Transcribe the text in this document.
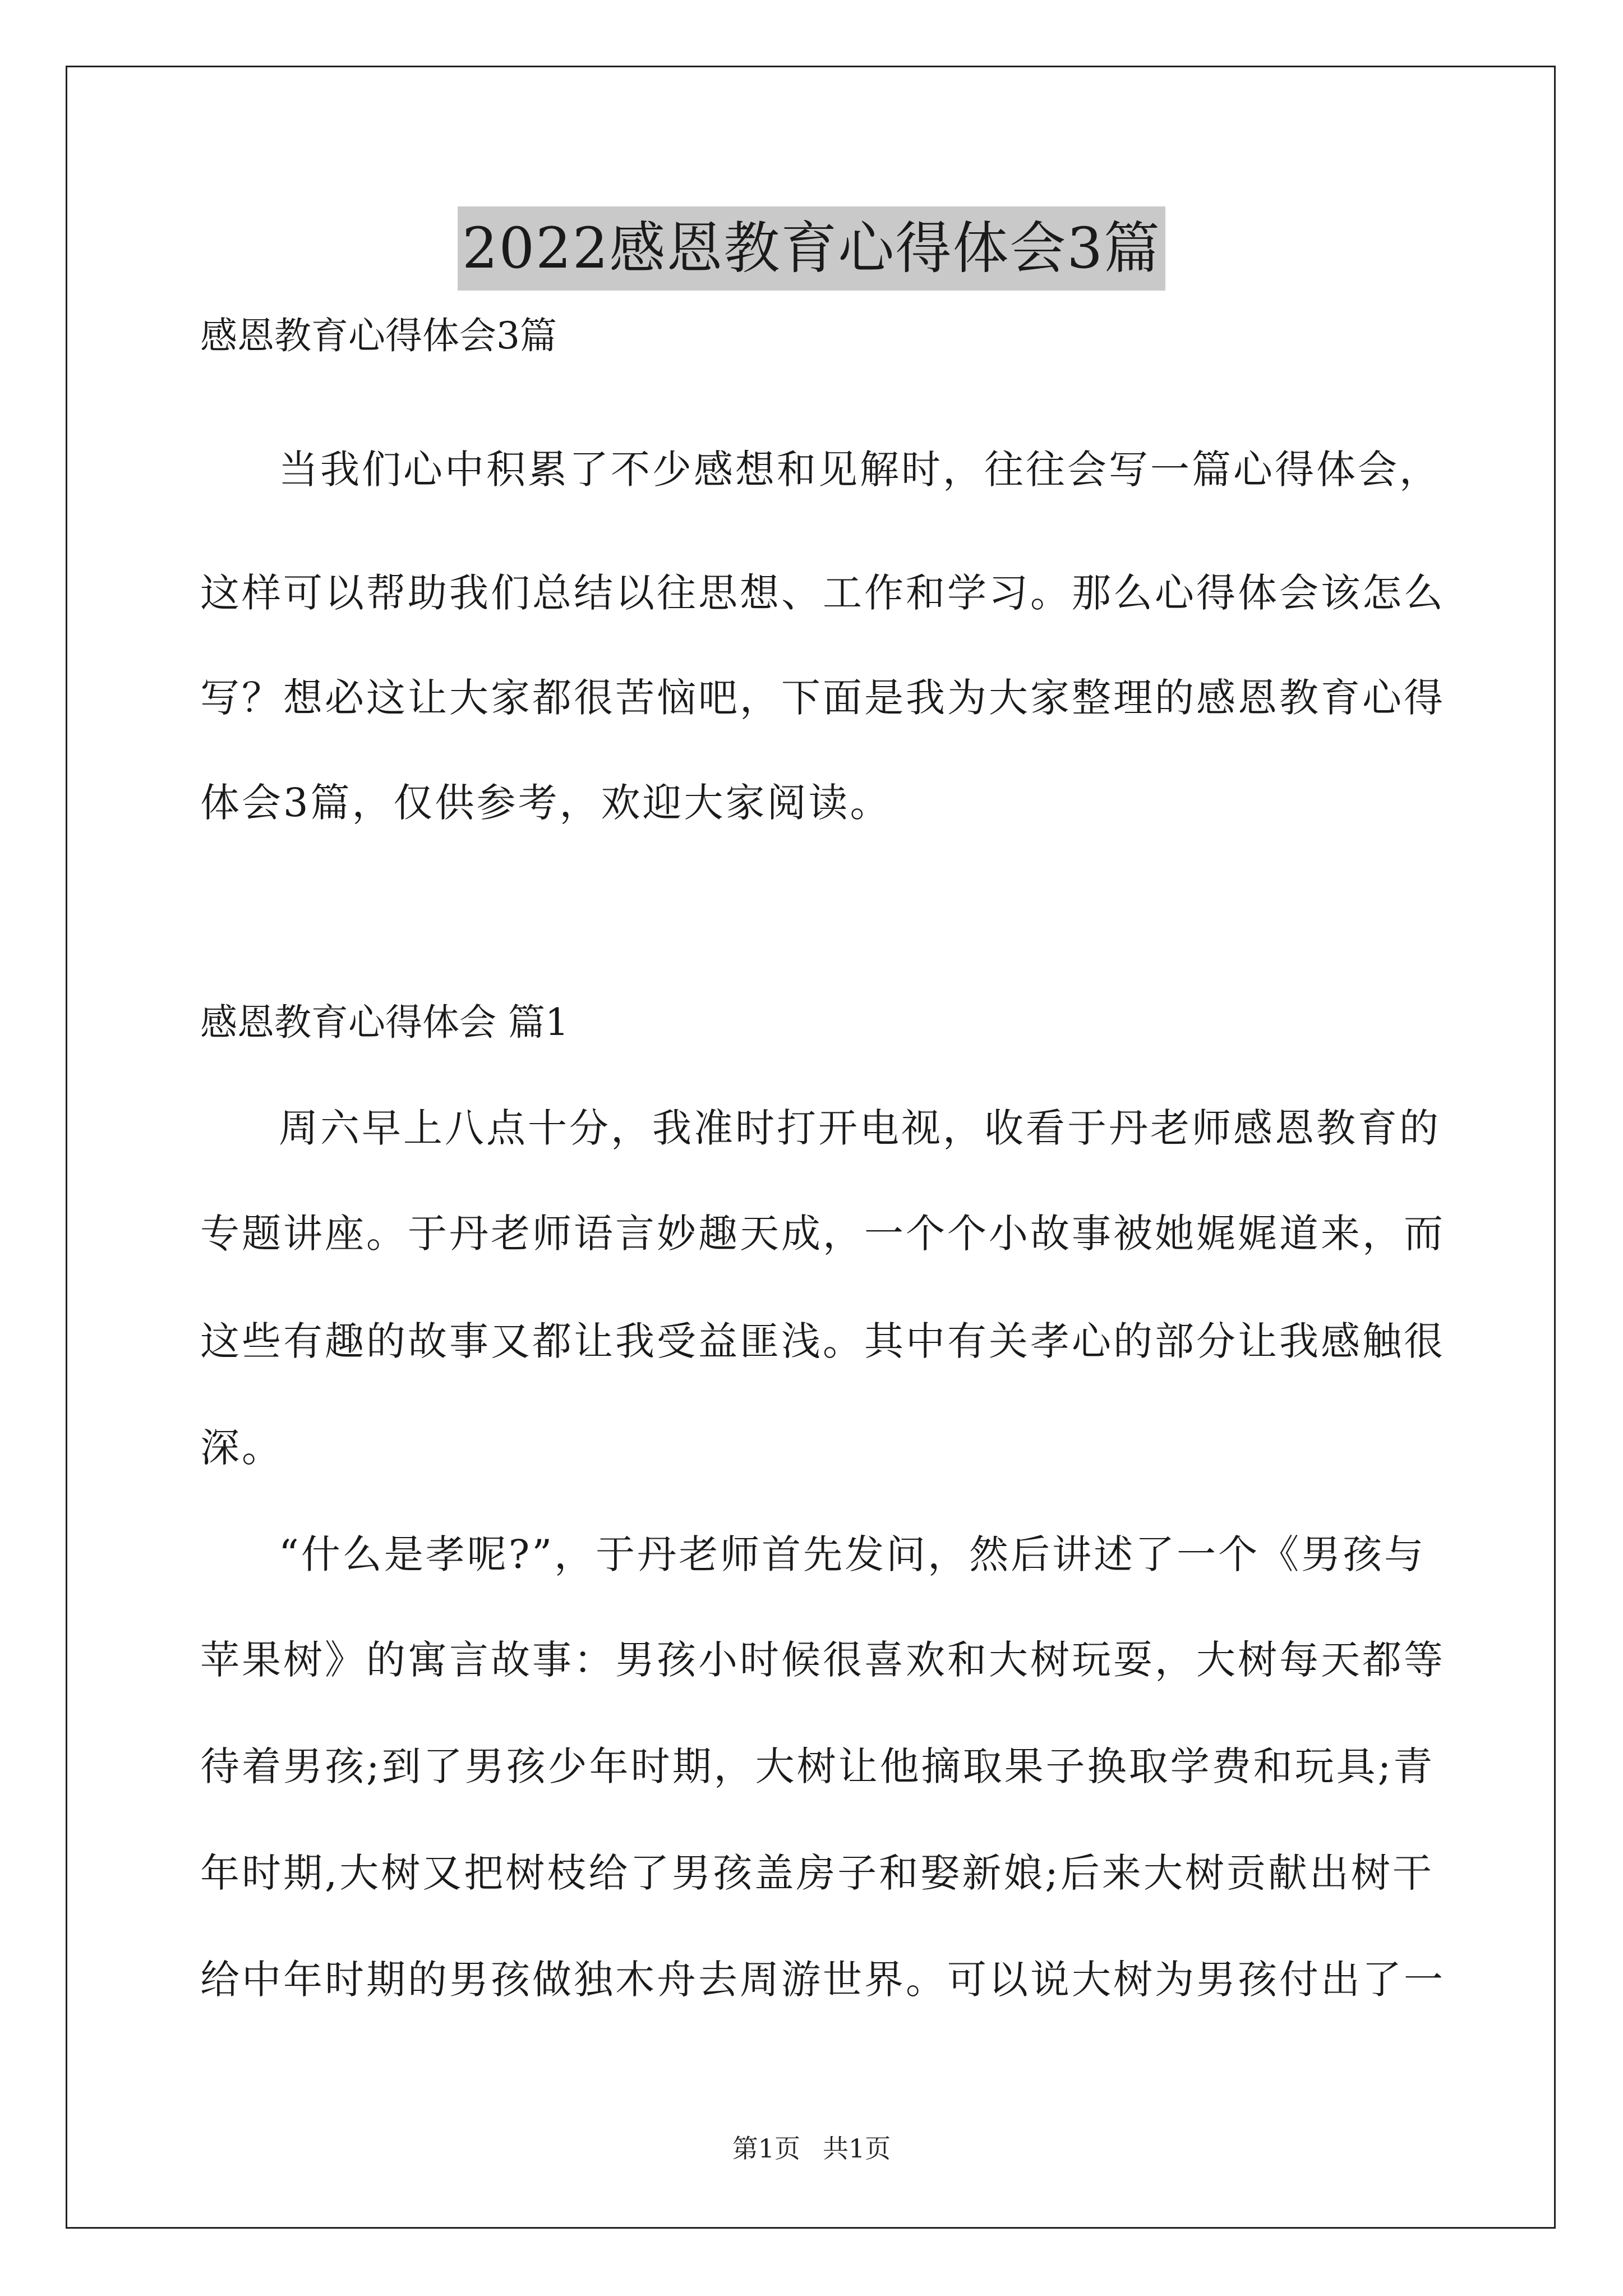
2022感恩教育心得体会3篇
感恩教育心得体会3篇
当我们心中积累了不少感想和见解时，往往会写一篇心得体会，
这样可以帮助我们总结以往思想、工作和学习。那么心得体会该怎么
写？想必这让大家都很苦恼吧，下面是我为大家整理的感恩教育心得
体会3篇，仅供参考，欢迎大家阅读。
感恩教育心得体会 篇1
周六早上八点十分，我准时打开电视，收看于丹老师感恩教育的
专题讲座。于丹老师语言妙趣天成，一个个小故事被她娓娓道来，而
这些有趣的故事又都让我受益匪浅。其中有关孝心的部分让我感触很
深。
“什么是孝呢?”，于丹老师首先发问，然后讲述了一个《男孩与
苹果树》的寓言故事：男孩小时候很喜欢和大树玩耍，大树每天都等
待着男孩;到了男孩少年时期，大树让他摘取果子换取学费和玩具;青
年时期,大树又把树枝给了男孩盖房子和娶新娘;后来大树贡献出树干
给中年时期的男孩做独木舟去周游世界。可以说大树为男孩付出了一
第1页 共1页
